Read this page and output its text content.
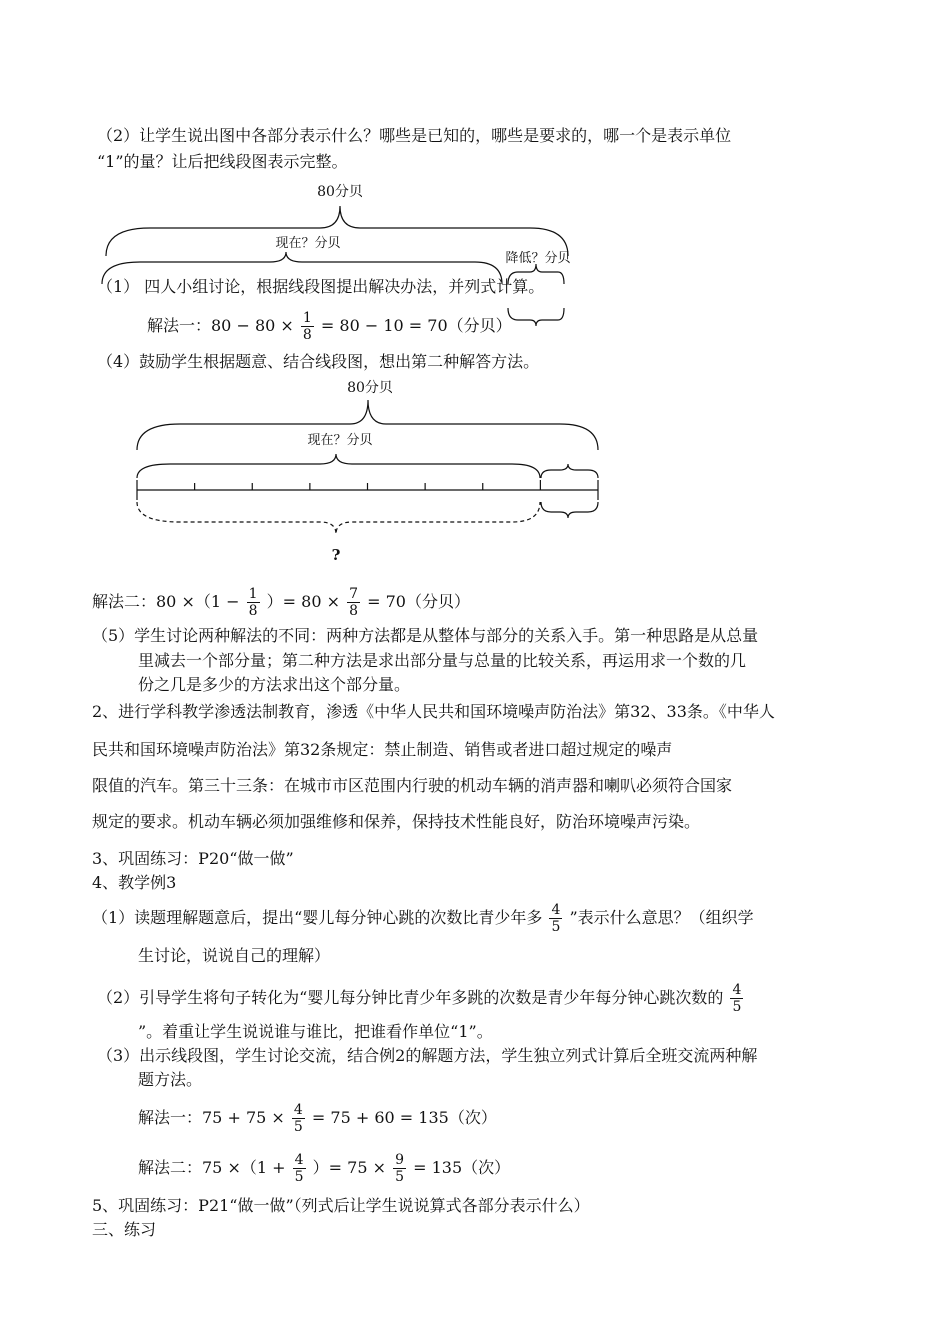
（2）让学生说出图中各部分表示什么？哪些是已知的，哪些是要求的，哪一个是表示单位
“1”的量？让后把线段图表示完整。
80分贝
现在？分贝
降低？分贝
（1） 四人小组讨论，根据线段图提出解决办法，并列式计算。
解法一：$80 - 80 \times \frac{1}{8} = 80 - 10 = 70$（分贝）
（4）鼓励学生根据题意、结合线段图，想出第二种解答方法。
80分贝
现在？分贝
?
解法二：$80 \times(1 - \frac{1}{8}$ ）= $80 \times \frac{7}{8} = 70$（分贝）
（5）学生讨论两种解法的不同：两种方法都是从整体与部分的关系入手。第一种思路是从总量
里减去一个部分量；第二种方法是求出部分量与总量的比较关系，再运用求一个数的几
份之几是多少的方法求出这个部分量。
2、进行学科教学渗透法制教育，渗透《中华人民共和国环境噪声防治法》第32、33条。《中华人
民共和国环境噪声防治法》第32条规定：禁止制造、销售或者进口超过规定的噪声
限值的汽车。第三十三条：在城市市区范围内行驶的机动车辆的消声器和喇叭必须符合国家
规定的要求。机动车辆必须加强维修和保养，保持技术性能良好，防治环境噪声污染。
3、巩固练习：P20“做一做”
4、教学例3
（1）读题理解题意后，提出“婴儿每分钟心跳的次数比青少年多 $\frac{4}{5}$ ”表示什么意思？（组织学
生讨论，说说自己的理解）
（2）引导学生将句子转化为“婴儿每分钟比青少年多跳的次数是青少年每分钟心跳次数的 $\frac{4}{5}$
”。着重让学生说说谁与谁比，把谁看作单位“1”。
（3）出示线段图，学生讨论交流，结合例2的解题方法，学生独立列式计算后全班交流两种解
题方法。
解法一：$75 + 75 \times \frac{4}{5} = 75 + 60 = 135$（次）
解法二：$75 \times(1 + \frac{4}{5}$ ）= $75 \times \frac{9}{5} = 135$（次）
5、巩固练习：P21“做一做”（列式后让学生说说算式各部分表示什么）
三、练习
